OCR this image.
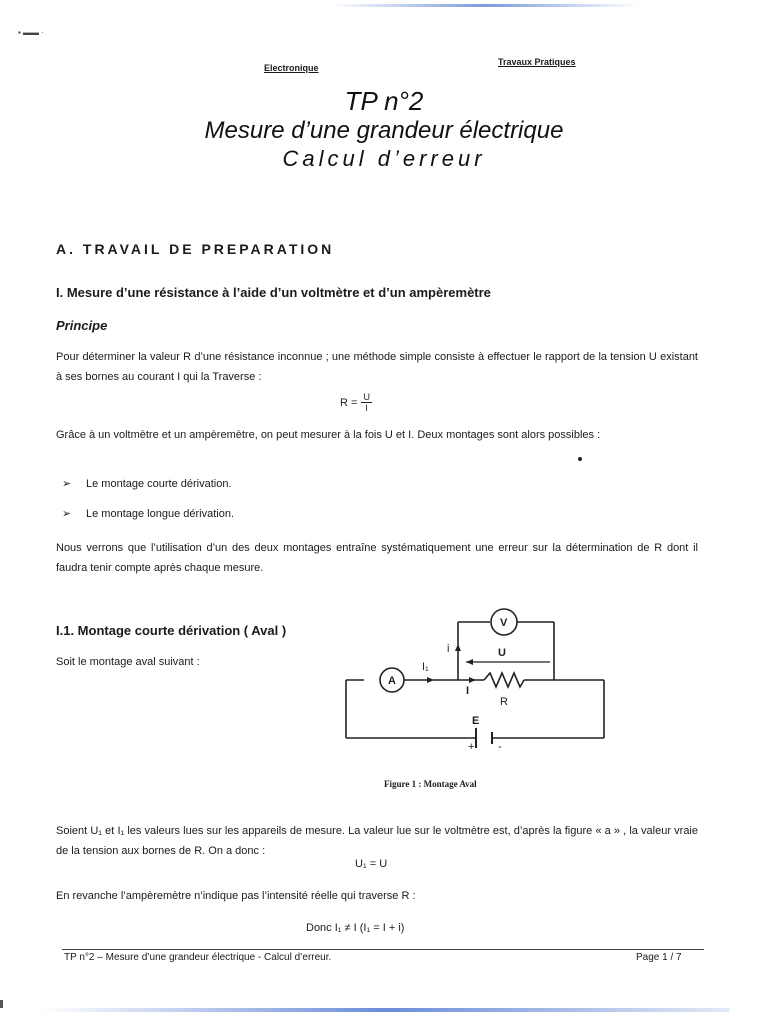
▪ ▬▬ ·
Electronique
Travaux Pratiques
TP n°2
Mesure d’une grandeur électrique
Calcul d’erreur
A. TRAVAIL DE PREPARATION
I. Mesure d’une résistance à l’aide d’un voltmètre et d’un ampèremètre
Principe
Pour déterminer la valeur R d’une résistance inconnue ; une méthode simple consiste à effectuer le rapport de la tension U existant à ses bornes au courant I qui la Traverse :
$R = \frac{U}{I}$
Grâce à un voltmètre et un ampèremètre, on peut mesurer à la fois U et I. Deux montages sont alors possibles :
➢ Le montage courte dérivation.
➢ Le montage longue dérivation.
Nous verrons que l’utilisation d’un des deux montages entraîne systématiquement une erreur sur la détermination de R dont il faudra tenir compte après chaque mesure.
I.1. Montage courte dérivation ( Aval )
Soit le montage aval suivant :
V
A
I₁
i
I
U
R
E
+ -
Figure 1 : Montage Aval
Soient U₁ et I₁ les valeurs lues sur les appareils de mesure. La valeur lue sur le voltmètre est, d’après la figure « a » , la valeur vraie de la tension aux bornes de R. On a donc :
U₁ = U
En revanche l’ampèremètre n’indique pas l’intensité réelle qui traverse R :
Donc I₁ ≠ I (I₁ = I + i)
TP n°2 – Mesure d’une grandeur électrique - Calcul d’erreur.	Page 1 / 7
